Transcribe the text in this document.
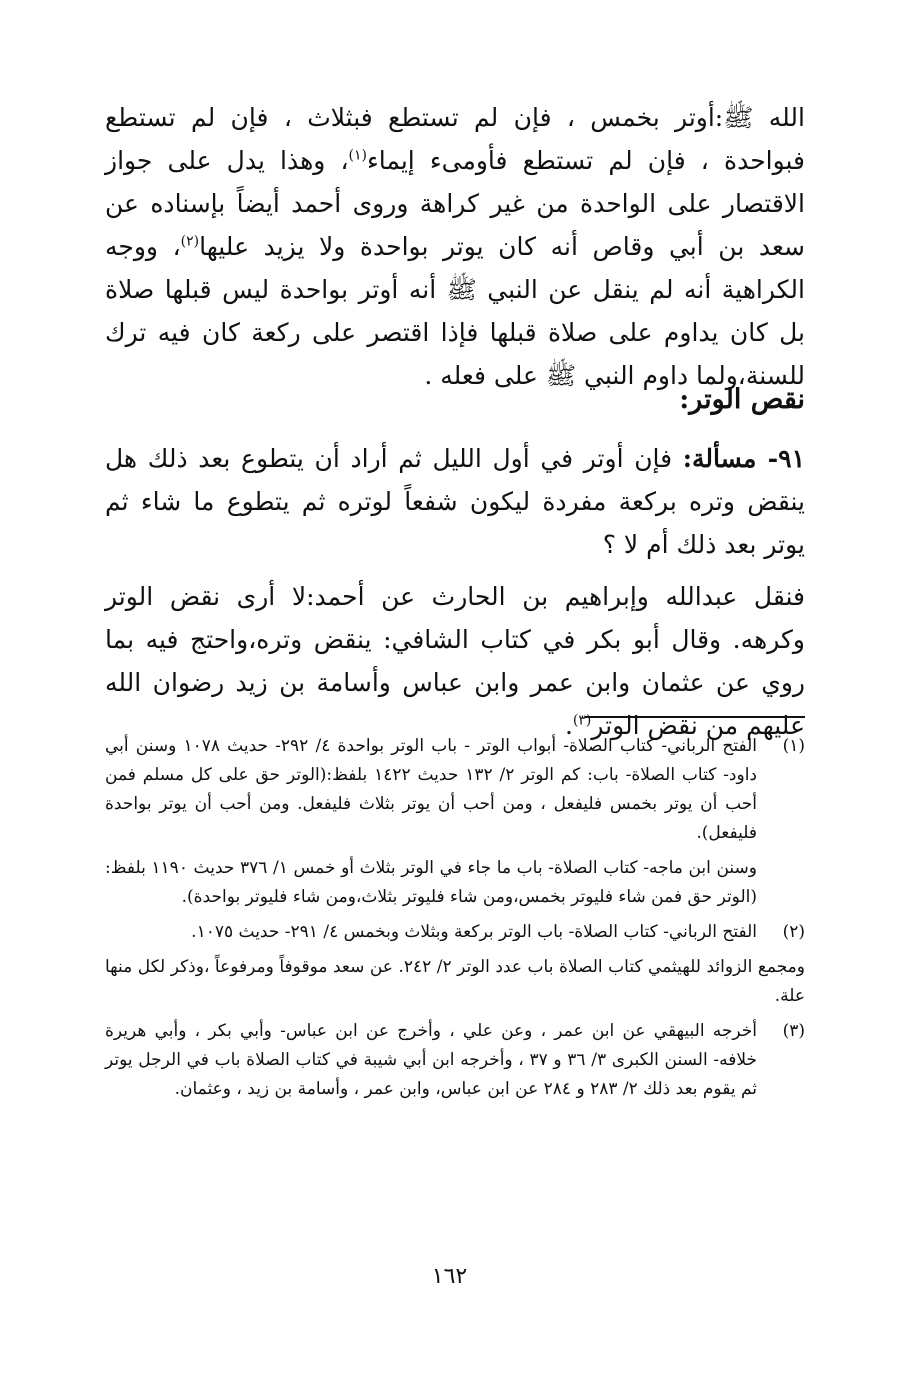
الله ﷺ:أوتر بخمس ، فإن لم تستطع فبثلاث ، فإن لم تستطع فبواحدة ، فإن لم تستطع فأومىء إيماء$^{(١)}$، وهذا يدل على جواز الاقتصار على الواحدة من غير كراهة وروى أحمد أيضاً بإسناده عن سعد بن أبي وقاص أنه كان يوتر بواحدة ولا يزيد عليها$^{(٢)}$، ووجه الكراهية أنه لم ينقل عن النبي ﷺ أنه أوتر بواحدة ليس قبلها صلاة بل كان يداوم على صلاة قبلها فإذا اقتصر على ركعة كان فيه ترك للسنة،ولما داوم النبي ﷺ على فعله .

نقص الوتر:

٩١- مسألة: فإن أوتر في أول الليل ثم أراد أن يتطوع بعد ذلك هل ينقض وتره بركعة مفردة ليكون شفعاً لوتره ثم يتطوع ما شاء ثم يوتر بعد ذلك أم لا ؟

فنقل عبدالله وإبراهيم بن الحارث عن أحمد:لا أرى نقض الوتر وكرهه. وقال أبو بكر في كتاب الشافي: ينقض وتره،واحتج فيه بما روي عن عثمان وابن عمر وابن عباس وأسامة بن زيد رضوان الله عليهم من نقض الوتر$^{(٣)}$.

(١)
الفتح الرباني- كتاب الصلاة- أبواب الوتر - باب الوتر بواحدة ٤/ ٢٩٢- حديث ١٠٧٨ وسنن أبي داود- كتاب الصلاة- باب: كم الوتر ٢/ ١٣٢ حديث ١٤٢٢ بلفظ:(الوتر حق على كل مسلم فمن أحب أن يوتر بخمس فليفعل ، ومن أحب أن يوتر بثلاث فليفعل. ومن أحب أن يوتر بواحدة فليفعل).
وسنن ابن ماجه- كتاب الصلاة- باب ما جاء في الوتر بثلاث أو خمس ١/ ٣٧٦ حديث ١١٩٠ بلفظ: (الوتر حق فمن شاء فليوتر بخمس،ومن شاء فليوتر بثلاث،ومن شاء فليوتر بواحدة).
(٢)
الفتح الرباني- كتاب الصلاة- باب الوتر بركعة وبثلاث وبخمس ٤/ ٢٩١- حديث ١٠٧٥.
ومجمع الزوائد للهيثمي كتاب الصلاة باب عدد الوتر ٢/ ٢٤٢. عن سعد موقوفاً ومرفوعاً ،وذكر لكل منها علة.
(٣)
أخرجه البيهقي عن ابن عمر ، وعن علي ، وأخرج عن ابن عباس- وأبي بكر ، وأبي هريرة خلافه- السنن الكبرى ٣/ ٣٦ و ٣٧ ، وأخرجه ابن أبي شيبة في كتاب الصلاة باب في الرجل يوتر ثم يقوم بعد ذلك ٢/ ٢٨٣ و ٢٨٤ عن ابن عباس، وابن عمر ، وأسامة بن زيد ، وعثمان.
١٦٢
